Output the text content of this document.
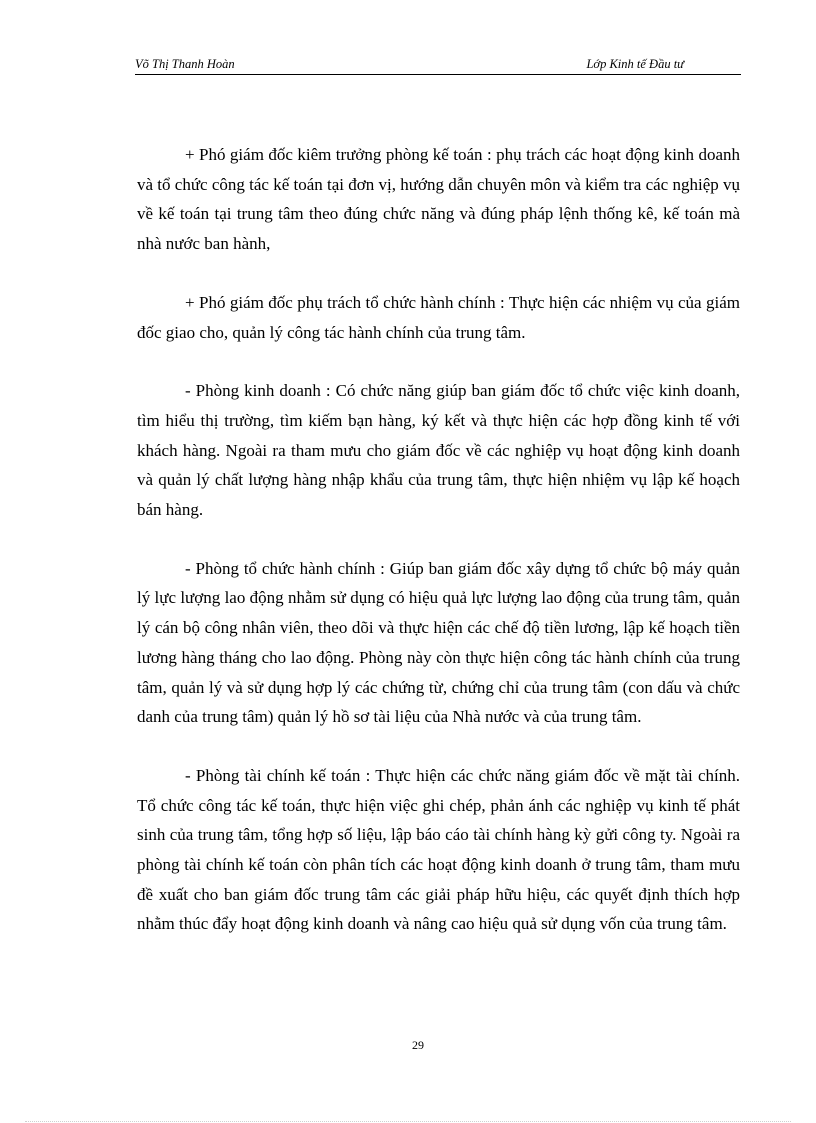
Võ Thị Thanh Hoàn	Lớp Kinh tế Đầu tư

+ Phó giám đốc kiêm trưởng phòng kế toán : phụ trách các hoạt động kinh doanh và tổ chức công tác kế toán tại đơn vị, hướng dẫn chuyên môn và kiểm tra các nghiệp vụ về kế toán tại trung tâm theo đúng chức năng và đúng pháp lệnh thống kê, kế toán mà nhà nước ban hành,

+ Phó giám đốc phụ trách tổ chức hành chính : Thực hiện các nhiệm vụ của giám đốc giao cho, quản lý công tác hành chính của trung tâm.

- Phòng kinh doanh : Có chức năng giúp ban giám đốc tổ chức việc kinh doanh, tìm hiểu thị trường, tìm kiếm bạn hàng, ký kết và thực hiện các hợp đồng kinh tế với khách hàng. Ngoài ra tham mưu cho giám đốc về các nghiệp vụ hoạt động kinh doanh và quản lý chất lượng hàng nhập khẩu của trung tâm, thực hiện nhiệm vụ lập kế hoạch bán hàng.

- Phòng tổ chức hành chính : Giúp ban giám đốc xây dựng tổ chức bộ máy quản lý lực lượng lao động nhằm sử dụng có hiệu quả lực lượng lao động của trung tâm, quản lý cán bộ công nhân viên, theo dõi và thực hiện các chế độ tiền lương, lập kế hoạch tiền lương hàng tháng cho lao động. Phòng này còn thực hiện công tác hành chính của trung tâm, quản lý và sử dụng hợp lý các chứng từ, chứng chỉ của trung tâm (con dấu và chức danh của trung tâm) quản lý hồ sơ tài liệu của Nhà nước và của trung tâm.

- Phòng tài chính kế toán : Thực hiện các chức năng giám đốc về mặt tài chính. Tổ chức công tác kế toán, thực hiện việc ghi chép, phản ánh các nghiệp vụ kinh tế phát sinh của trung tâm, tổng hợp số liệu, lập báo cáo tài chính hàng kỳ gửi công ty. Ngoài ra phòng tài chính kế toán còn phân tích các hoạt động kinh doanh ở trung tâm, tham mưu đề xuất cho ban giám đốc trung tâm các giải pháp hữu hiệu, các quyết định thích hợp nhằm thúc đẩy hoạt động kinh doanh và nâng cao hiệu quả sử dụng vốn của trung tâm.

29
